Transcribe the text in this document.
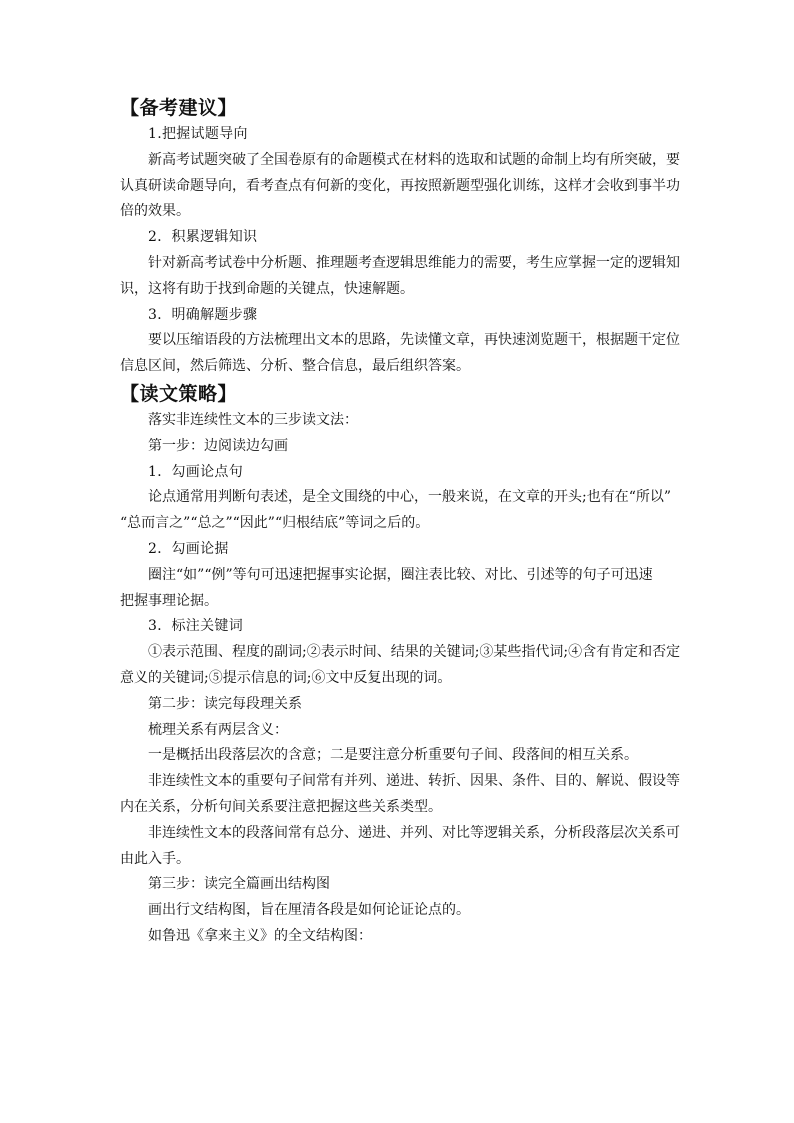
【备考建议】
1.把握试题导向
新高考试题突破了全国卷原有的命题模式在材料的选取和试题的命制上均有所突破，要
认真研读命题导向，看考查点有何新的变化，再按照新题型强化训练，这样才会收到事半功
倍的效果。
2．积累逻辑知识
针对新高考试卷中分析题、推理题考查逻辑思维能力的需要，考生应掌握一定的逻辑知
识，这将有助于找到命题的关键点，快速解题。
3．明确解题步骤
要以压缩语段的方法梳理出文本的思路，先读懂文章，再快速浏览题干，根据题干定位
信息区间，然后筛选、分析、整合信息，最后组织答案。
【读文策略】
落实非连续性文本的三步读文法：
第一步：边阅读边勾画
1．勾画论点句
论点通常用判断句表述，是全文围绕的中心，一般来说，在文章的开头;也有在“所以”
“总而言之”“总之”“因此”“归根结底”等词之后的。
2．勾画论据
圈注“如”“例”等句可迅速把握事实论据，圈注表比较、对比、引述等的句子可迅速
把握事理论据。
3．标注关键词
①表示范围、程度的副词;②表示时间、结果的关键词;③某些指代词;④含有肯定和否定
意义的关键词;⑤提示信息的词;⑥文中反复出现的词。
第二步：读完每段理关系
梳理关系有两层含义：
一是概括出段落层次的含意；二是要注意分析重要句子间、段落间的相互关系。
非连续性文本的重要句子间常有并列、递进、转折、因果、条件、目的、解说、假设等
内在关系，分析句间关系要注意把握这些关系类型。
非连续性文本的段落间常有总分、递进、并列、对比等逻辑关系，分析段落层次关系可
由此入手。
第三步：读完全篇画出结构图
画出行文结构图，旨在厘清各段是如何论证论点的。
如鲁迅《拿来主义》的全文结构图：
